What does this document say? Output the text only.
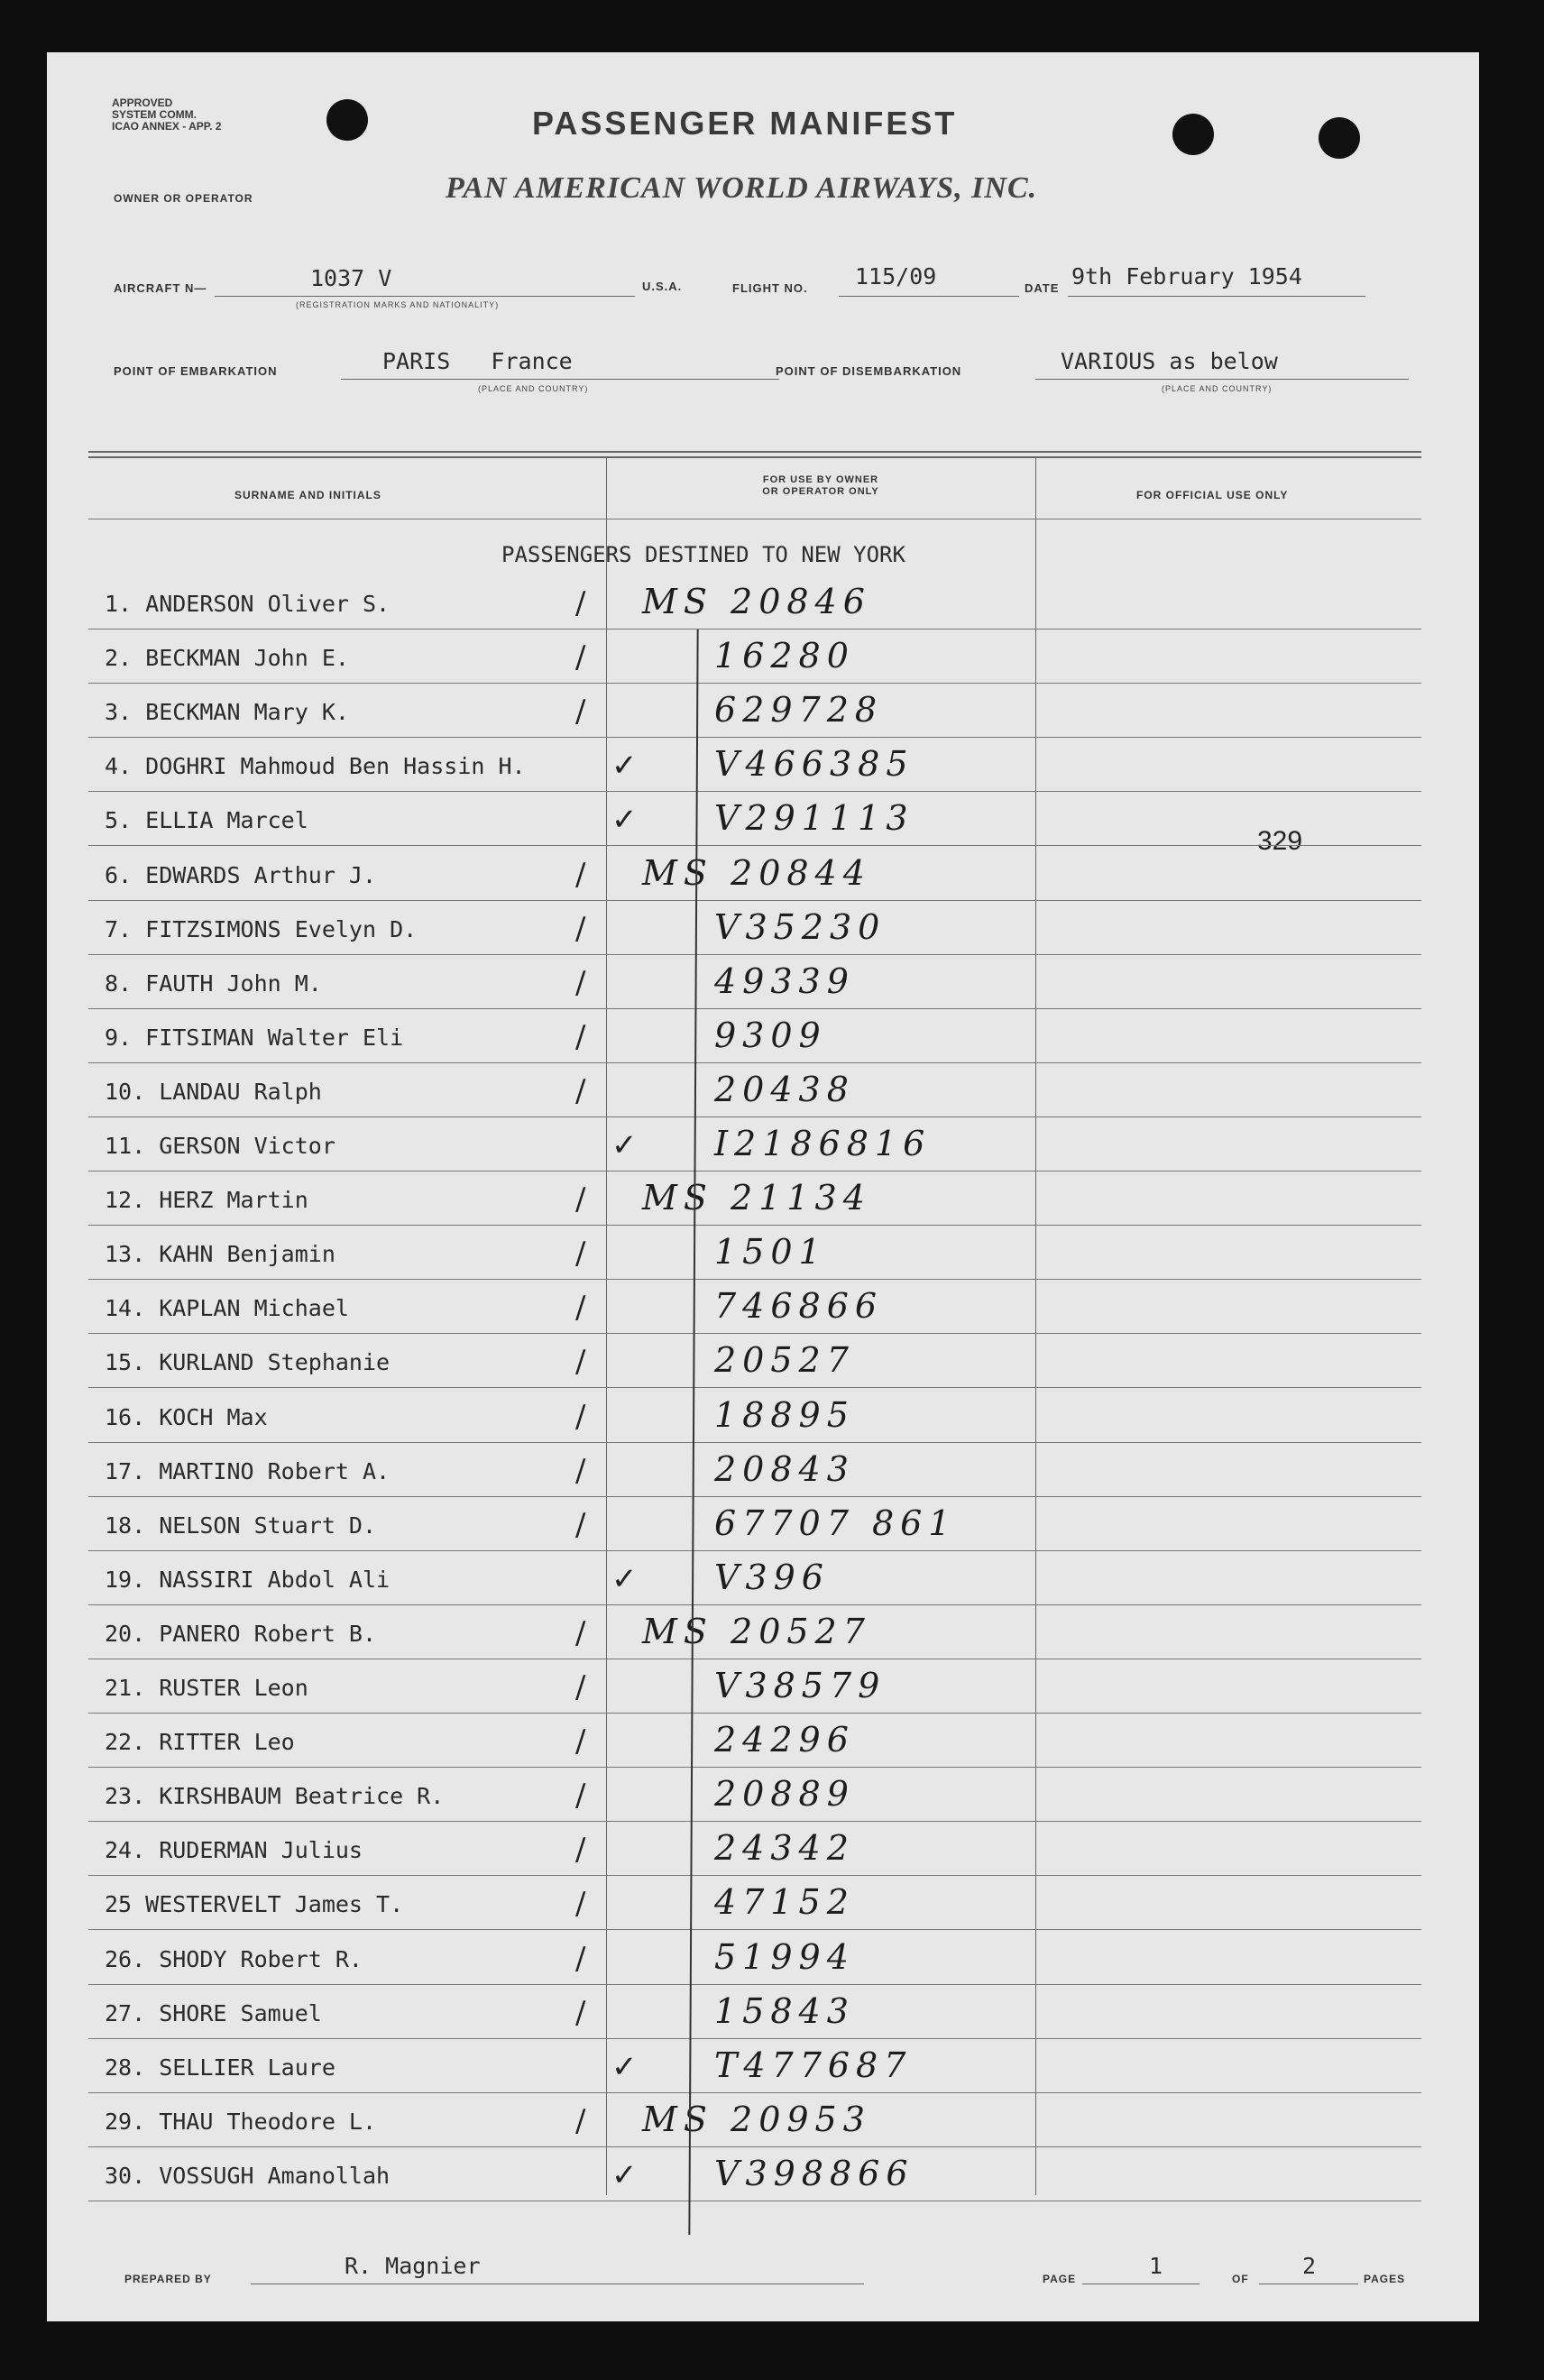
APPROVED
SYSTEM COMM.
ICAO ANNEX - APP. 2	PASSENGER MANIFEST
OWNER OR OPERATOR	PAN AMERICAN WORLD AIRWAYS, INC.
AIRCRAFT N—	1037 V
(REGISTRATION MARKS AND NATIONALITY)
U.S.A.	FLIGHT NO. 115/09	DATE 9th February 1954
POINT OF EMBARKATION	PARIS   France
(PLACE AND COUNTRY)
POINT OF DISEMBARKATION	VARIOUS as below
(PLACE AND COUNTRY)
SURNAME AND INITIALS
FOR USE BY OWNER
OR OPERATOR ONLY	FOR OFFICIAL USE ONLY
PASSENGERS DESTINED TO NEW YORK
329
1. ANDERSON Oliver S.	/ MS 20846
2. BECKMAN John E.	/	16280
3. BECKMAN Mary K.	/	629728
4. DOGHRI Mahmoud Ben Hassin H.	✓ V466385
5. ELLIA Marcel	✓ V291113
6. EDWARDS Arthur J.	/ MS 20844
7. FITZSIMONS Evelyn D.	/	V35230
8. FAUTH John M.	/	49339
9. FITSIMAN Walter Eli	/	9309
10. LANDAU Ralph	/	20438
11. GERSON Victor	✓ I2186816
12. HERZ Martin	/ MS 21134
13. KAHN Benjamin	/	1501
14. KAPLAN Michael	/	746866
15. KURLAND Stephanie	/	20527
16. KOCH Max	/	18895
17. MARTINO Robert A.	/	20843
18. NELSON Stuart D.	/	67707 861
19. NASSIRI Abdol Ali	✓ V396
20. PANERO Robert B.	/ MS 20527
21. RUSTER Leon	/	V38579
22. RITTER Leo	/	24296
23. KIRSHBAUM Beatrice R.	/	20889
24. RUDERMAN Julius	/	24342
25 WESTERVELT James T.	/	47152
26. SHODY Robert R.	/	51994
27. SHORE Samuel	/	15843
28. SELLIER Laure	✓ T477687
29. THAU Theodore L.	/ MS 20953
30. VOSSUGH Amanollah	✓ V398866
PREPARED BY	R. Magnier	PAGE	1	OF 2	PAGES
